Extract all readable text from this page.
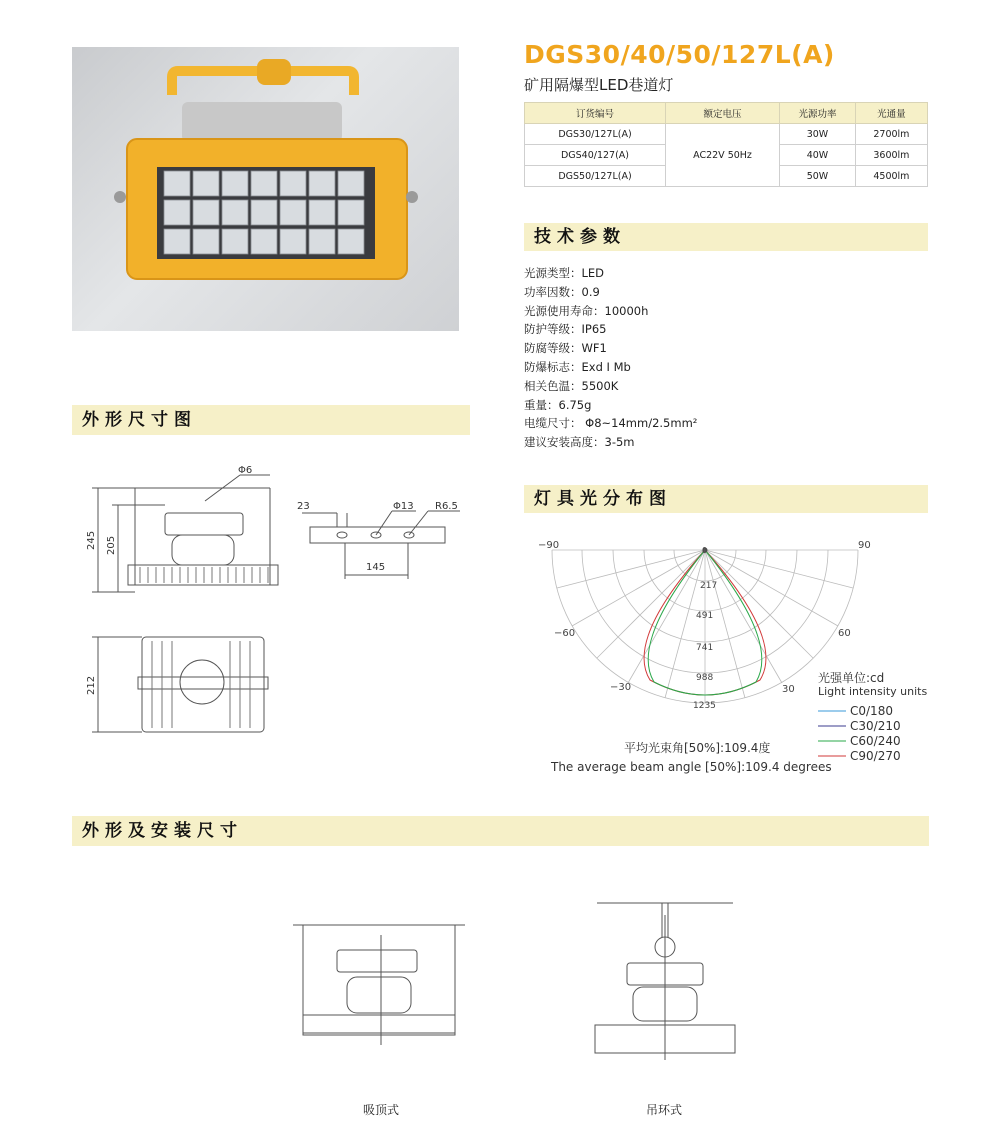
DGS30/40/50/127L(A)
矿用隔爆型LED巷道灯
订货编号	额定电压	光源功率	光通量
DGS30/127L(A)	AC22V 50Hz	30W	2700lm
DGS40/127(A)		40W	3600lm
DGS50/127L(A)		50W	4500lm
技术参数
光源类型：LED
功率因数：0.9
光源使用寿命：10000h
防护等级：IP65
防腐等级：WF1
防爆标志：Exd I Mb
相关色温：5500K
重量：6.75g
电缆尺寸： Φ8~14mm/2.5mm²
建议安装高度：3-5m
外形尺寸图
Φ6
245 205
23	Φ13 R6.5
145
212
灯具光分布图
−90	90
−60	60
−30	30
217
491
741
988
1235
0
光强单位:cd
Light intensity units
C0/180
C30/210
C60/240
C90/270
平均光束角[50%]:109.4度
The average beam angle [50%]:109.4 degrees
外形及安装尺寸
吸顶式	吊环式
